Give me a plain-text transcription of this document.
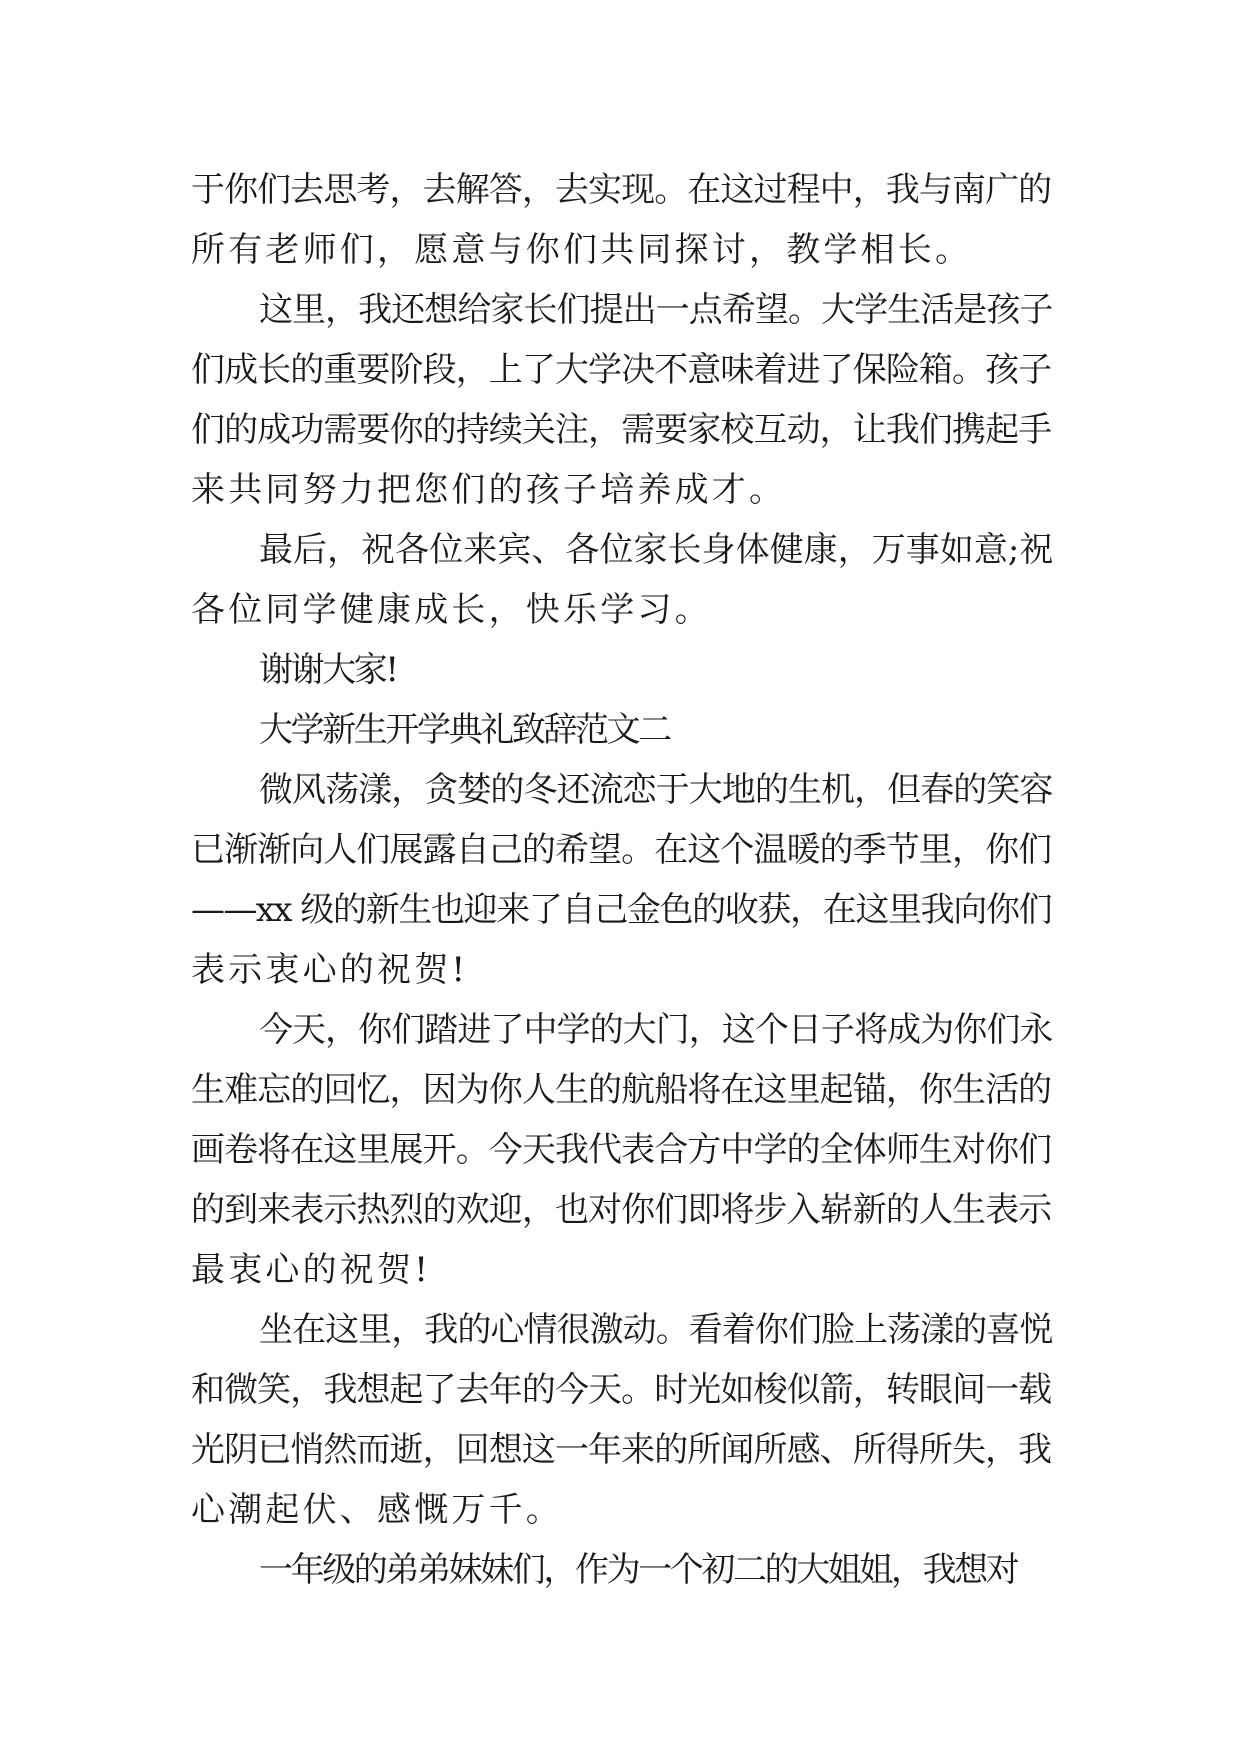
于你们去思考，去解答，去实现。在这过程中，我与南广的
所有老师们，愿意与你们共同探讨，教学相长。
这里，我还想给家长们提出一点希望。大学生活是孩子
们成长的重要阶段，上了大学决不意味着进了保险箱。孩子
们的成功需要你的持续关注，需要家校互动，让我们携起手
来共同努力把您们的孩子培养成才。
最后，祝各位来宾、各位家长身体健康，万事如意;祝
各位同学健康成长，快乐学习。
谢谢大家!
大学新生开学典礼致辞范文二
微风荡漾，贪婪的冬还流恋于大地的生机，但春的笑容
已渐渐向人们展露自己的希望。在这个温暖的季节里，你们
——xx 级的新生也迎来了自己金色的收获，在这里我向你们
表示衷心的祝贺!
今天，你们踏进了中学的大门，这个日子将成为你们永
生难忘的回忆，因为你人生的航船将在这里起锚，你生活的
画卷将在这里展开。今天我代表合方中学的全体师生对你们
的到来表示热烈的欢迎，也对你们即将步入崭新的人生表示
最衷心的祝贺!
坐在这里，我的心情很激动。看着你们脸上荡漾的喜悦
和微笑，我想起了去年的今天。时光如梭似箭，转眼间一载
光阴已悄然而逝，回想这一年来的所闻所感、所得所失，我
心潮起伏、感慨万千。
一年级的弟弟妹妹们，作为一个初二的大姐姐，我想对
